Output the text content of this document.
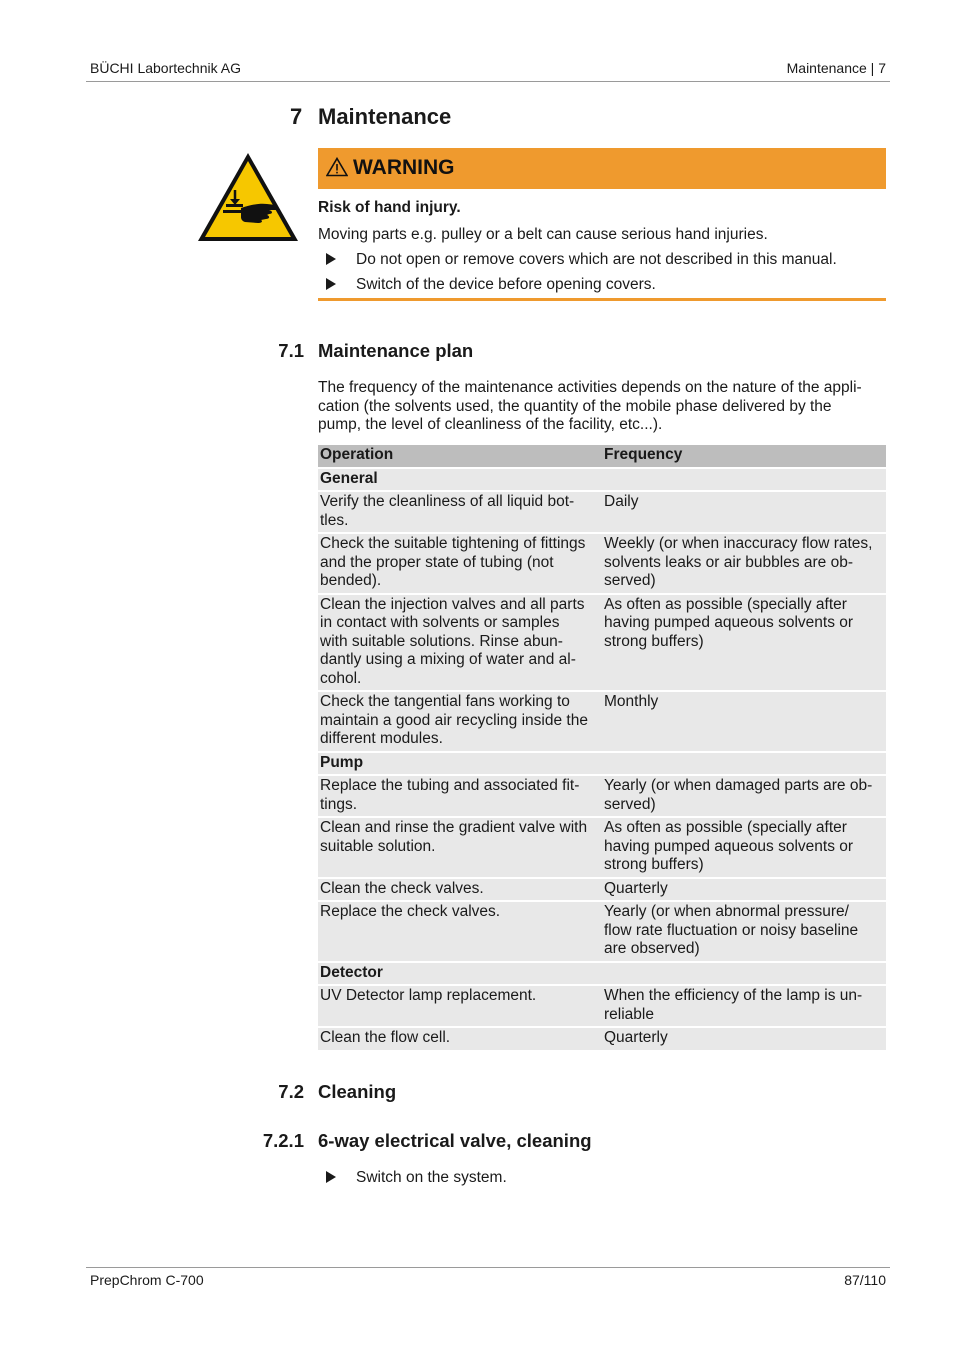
BÜCHI Labortechnik AG	Maintenance | 7
7 Maintenance
WARNING
Risk of hand injury.
Moving parts e.g. pulley or a belt can cause serious hand injuries.
Do not open or remove covers which are not described in this manual.
Switch of the device before opening covers.
7.1 Maintenance plan
The frequency of the maintenance activities depends on the nature of the appli-
cation (the solvents used, the quantity of the mobile phase delivered by the
pump, the level of cleanliness of the facility, etc...).
Operation	Frequency
General	
Verify the cleanliness of all liquid bot-
tles.	Daily
Check the suitable tightening of fittings
and the proper state of tubing (not
bended).	Weekly (or when inaccuracy flow rates,
solvents leaks or air bubbles are ob-
served)
Clean the injection valves and all parts
in contact with solvents or samples
with suitable solutions. Rinse abun-
dantly using a mixing of water and al-
cohol.	As often as possible (specially after
having pumped aqueous solvents or
strong buffers)
Check the tangential fans working to
maintain a good air recycling inside the
different modules.	Monthly
Pump	
Replace the tubing and associated fit-
tings.	Yearly (or when damaged parts are ob-
served)
Clean and rinse the gradient valve with
suitable solution.	As often as possible (specially after
having pumped aqueous solvents or
strong buffers)
Clean the check valves.	Quarterly
Replace the check valves.	Yearly (or when abnormal pressure/
flow rate fluctuation or noisy baseline
are observed)
Detector	
UV Detector lamp replacement.	When the efficiency of the lamp is un-
reliable
Clean the flow cell.	Quarterly
7.2 Cleaning
7.2.1 6-way electrical valve, cleaning
Switch on the system.
PrepChrom C-700	87/110
